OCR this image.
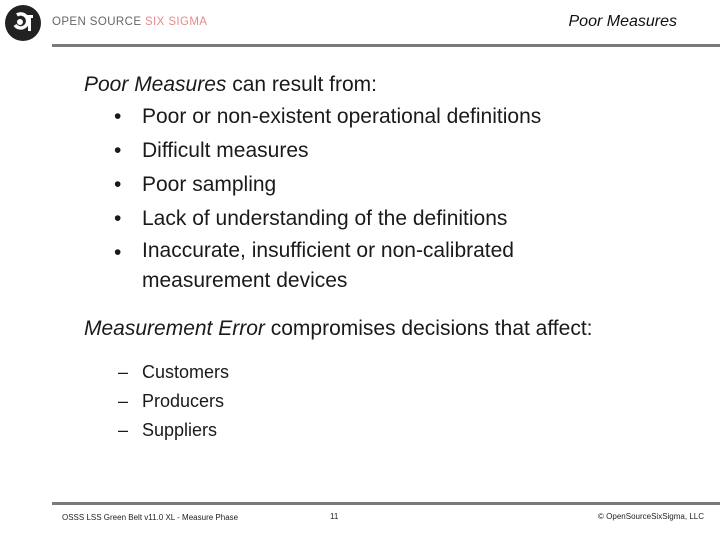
OPEN SOURCE SIX SIGMA	Poor Measures

Poor Measures can result from:

• Poor or non-existent operational definitions
• Difficult measures
• Poor sampling
• Lack of understanding of the definitions
• Inaccurate, insufficient or non-calibrated
measurement devices

Measurement Error compromises decisions that affect:

– Customers
– Producers
– Suppliers
OSSS LSS Green Belt v11.0 XL - Measure Phase	11	© OpenSourceSixSigma, LLC
